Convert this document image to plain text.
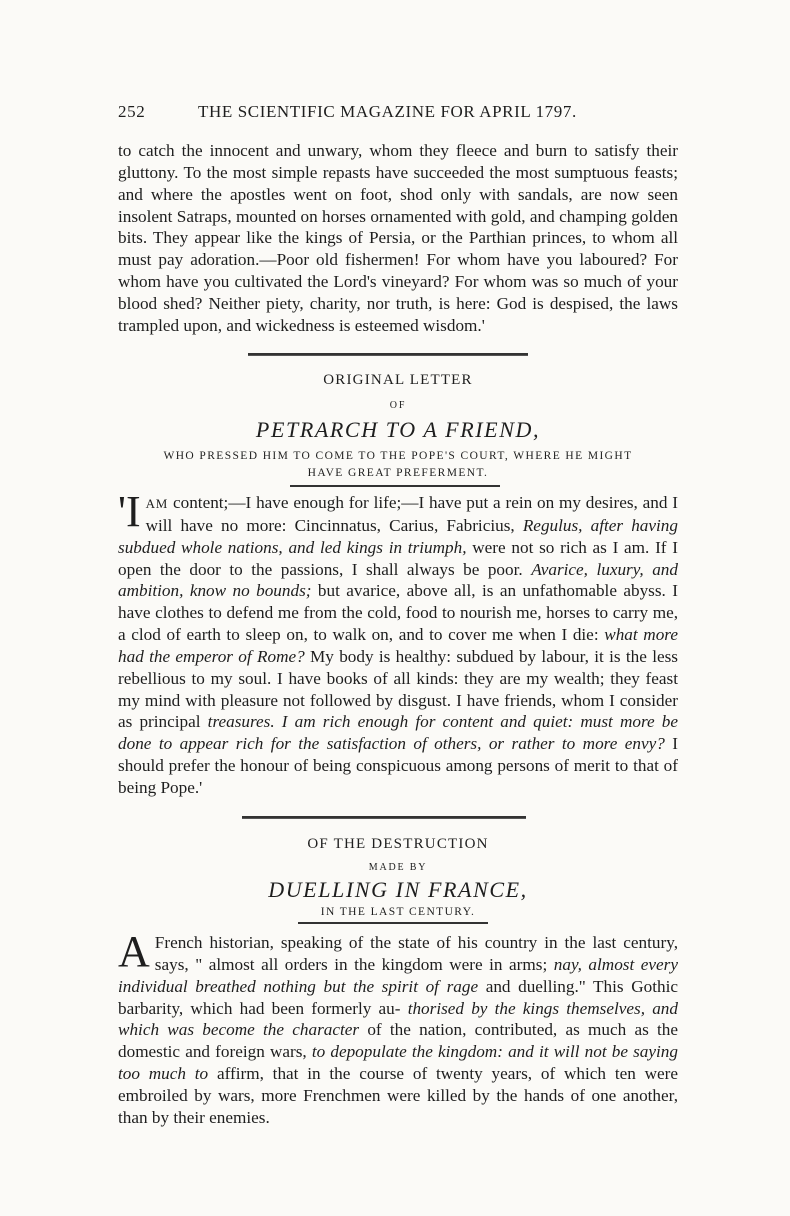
252	THE SCIENTIFIC MAGAZINE FOR APRIL 1797.

to catch the innocent and unwary, whom they fleece and burn to satisfy their gluttony. To the most simple repasts have succeeded the most sumptuous feasts; and where the apostles went on foot, shod only with sandals, are now seen insolent Satraps, mounted on horses ornamented with gold, and champing golden bits. They appear like the kings of Persia, or the Parthian princes, to whom all must pay adoration.—Poor old fishermen! For whom have you laboured? For whom have you cultivated the Lord's vineyard? For whom was so much of your blood shed? Neither piety, charity, nor truth, is here: God is despised, the laws trampled upon, and wickedness is esteemed wisdom.'

ORIGINAL LETTER
OF
PETRARCH TO A FRIEND,
WHO PRESSED HIM TO COME TO THE POPE'S COURT, WHERE HE MIGHT
HAVE GREAT PREFERMENT.

'I AM content;—I have enough for life;—I have put a rein on my desires, and I will have no more: Cincinnatus, Carius, Fabricius, Regulus, after having subdued whole nations, and led kings in triumph, were not so rich as I am. If I open the door to the passions, I shall always be poor. Avarice, luxury, and ambition, know no bounds; but avarice, above all, is an unfathomable abyss. I have clothes to defend me from the cold, food to nourish me, horses to carry me, a clod of earth to sleep on, to walk on, and to cover me when I die: what more had the emperor of Rome? My body is healthy: subdued by labour, it is the less rebellious to my soul. I have books of all kinds: they are my wealth; they feast my mind with pleasure not followed by disgust. I have friends, whom I consider as principal treasures. I am rich enough for content and quiet: must more be done to appear rich for the satisfaction of others, or rather to more envy? I should prefer the honour of being conspicuous among persons of merit to that of being Pope.'

OF THE DESTRUCTION
MADE BY
DUELLING IN FRANCE,
IN THE LAST CENTURY.

A French historian, speaking of the state of his country in the last century, says, " almost all orders in the kingdom were in arms; nay, almost every individual breathed nothing but the spirit of rage and duelling." This Gothic barbarity, which had been formerly au- thorised by the kings themselves, and which was become the character of the nation, contributed, as much as the domestic and foreign wars, to depopulate the kingdom: and it will not be saying too much to affirm, that in the course of twenty years, of which ten were embroiled by wars, more Frenchmen were killed by the hands of one another, than by their enemies.
